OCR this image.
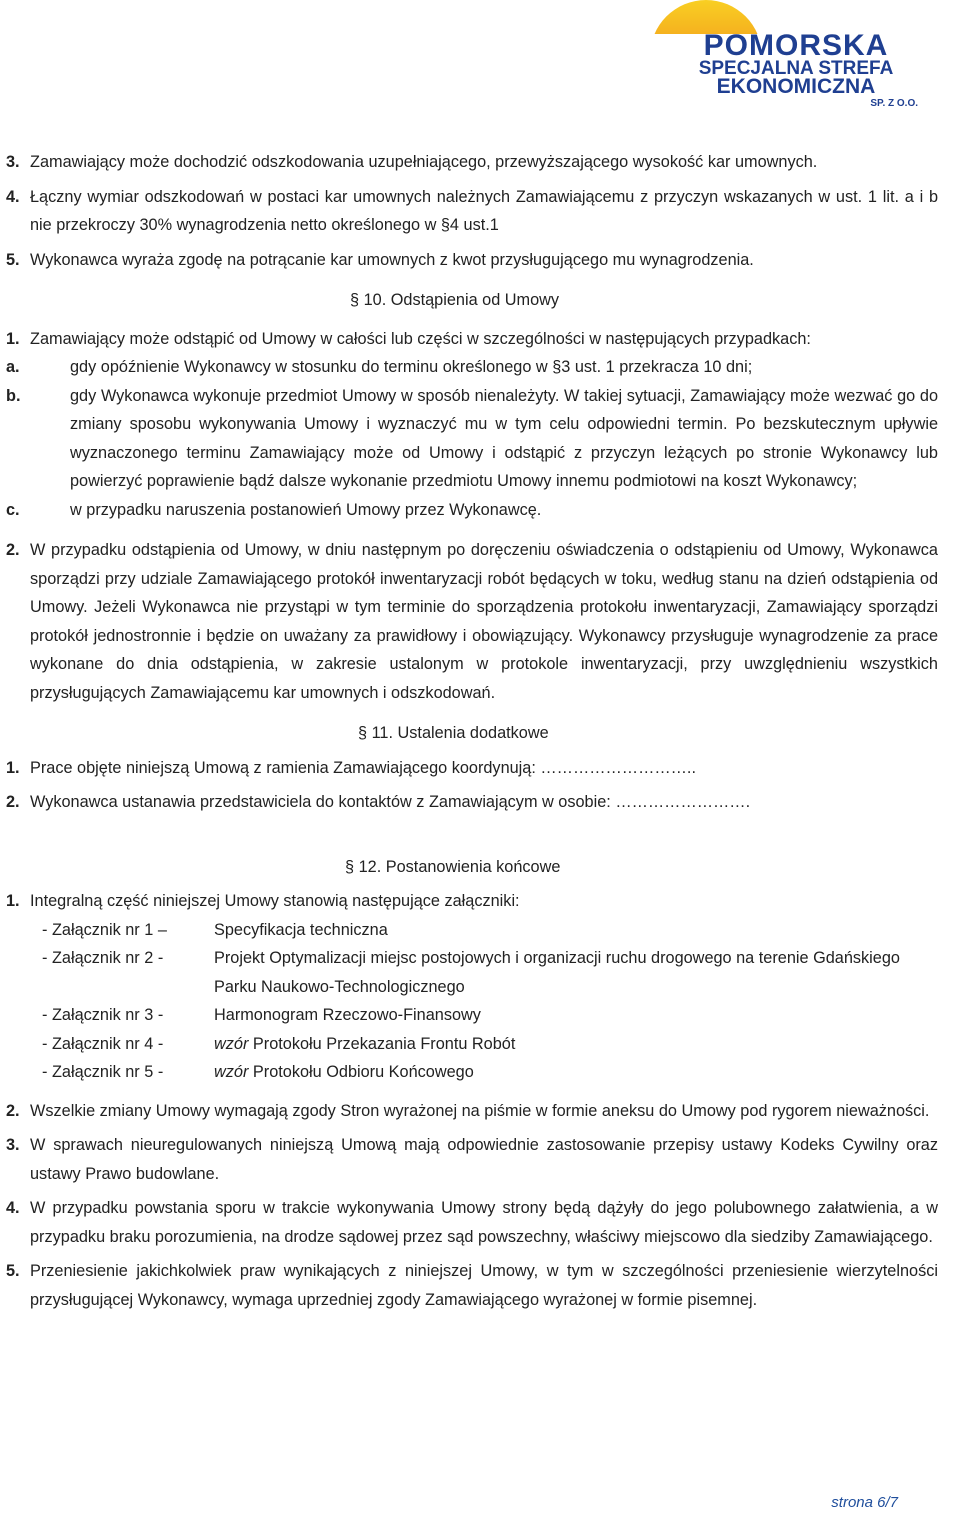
POMORSKA
SPECJALNA STREFA
EKONOMICZNA
SP. Z O.O.
3. Zamawiający może dochodzić odszkodowania uzupełniającego, przewyższającego wysokość kar umownych.
4. Łączny wymiar odszkodowań w postaci kar umownych należnych Zamawiającemu z przyczyn wskazanych w ust. 1 lit. a i b nie przekroczy 30% wynagrodzenia netto określonego w §4 ust.1
5. Wykonawca wyraża zgodę na potrącanie kar umownych z kwot przysługującego mu wynagrodzenia.
§ 10. Odstąpienia od Umowy
1. Zamawiający może odstąpić od Umowy w całości lub części w szczególności w następujących przypadkach:
a.	gdy opóźnienie Wykonawcy w stosunku do terminu określonego w §3 ust. 1 przekracza 10 dni;
b.	gdy Wykonawca wykonuje przedmiot Umowy w sposób nienależyty. W takiej sytuacji, Zamawiający może wezwać go do zmiany sposobu wykonywania Umowy i wyznaczyć mu w tym celu odpowiedni termin. Po bezskutecznym upływie wyznaczonego terminu Zamawiający może od Umowy i odstąpić z przyczyn leżących po stronie Wykonawcy lub powierzyć poprawienie bądź dalsze wykonanie przedmiotu Umowy innemu podmiotowi na koszt Wykonawcy;
c.	w przypadku naruszenia postanowień Umowy przez Wykonawcę.
2. W przypadku odstąpienia od Umowy, w dniu następnym po doręczeniu oświadczenia o odstąpieniu od Umowy, Wykonawca sporządzi przy udziale Zamawiającego protokół inwentaryzacji robót będących w toku, według stanu na dzień odstąpienia od Umowy. Jeżeli Wykonawca nie przystąpi w tym terminie do sporządzenia protokołu inwentaryzacji, Zamawiający sporządzi protokół jednostronnie i będzie on uważany za prawidłowy i obowiązujący. Wykonawcy przysługuje wynagrodzenie za prace wykonane do dnia odstąpienia, w zakresie ustalonym w protokole inwentaryzacji, przy uwzględnieniu wszystkich przysługujących Zamawiającemu kar umownych i odszkodowań.
§ 11. Ustalenia dodatkowe
1. Prace objęte niniejszą Umową z ramienia Zamawiającego koordynują: ………………………..
2. Wykonawca ustanawia przedstawiciela do kontaktów z Zamawiającym w osobie: …………………….
§ 12. Postanowienia końcowe
1. Integralną część niniejszej Umowy stanowią następujące załączniki:
- Załącznik nr 1 –	Specyfikacja techniczna
- Załącznik nr 2 -	Projekt Optymalizacji miejsc postojowych i organizacji ruchu drogowego na terenie Gdańskiego Parku Naukowo-Technologicznego
- Załącznik nr 3 -	Harmonogram Rzeczowo-Finansowy
- Załącznik nr 4 -	wzór Protokołu Przekazania Frontu Robót
- Załącznik nr 5 -	wzór Protokołu Odbioru Końcowego
2. Wszelkie zmiany Umowy wymagają zgody Stron wyrażonej na piśmie w formie aneksu do Umowy pod rygorem nieważności.
3. W sprawach nieuregulowanych niniejszą Umową mają odpowiednie zastosowanie przepisy ustawy Kodeks Cywilny oraz ustawy Prawo budowlane.
4. W przypadku powstania sporu w trakcie wykonywania Umowy strony będą dążyły do jego polubownego załatwienia, a w przypadku braku porozumienia, na drodze sądowej przez sąd powszechny, właściwy miejscowo dla siedziby Zamawiającego.
5. Przeniesienie jakichkolwiek praw wynikających z niniejszej Umowy, w tym w szczególności przeniesienie wierzytelności przysługującej Wykonawcy, wymaga uprzedniej zgody Zamawiającego wyrażonej w formie pisemnej.
strona 6/7
